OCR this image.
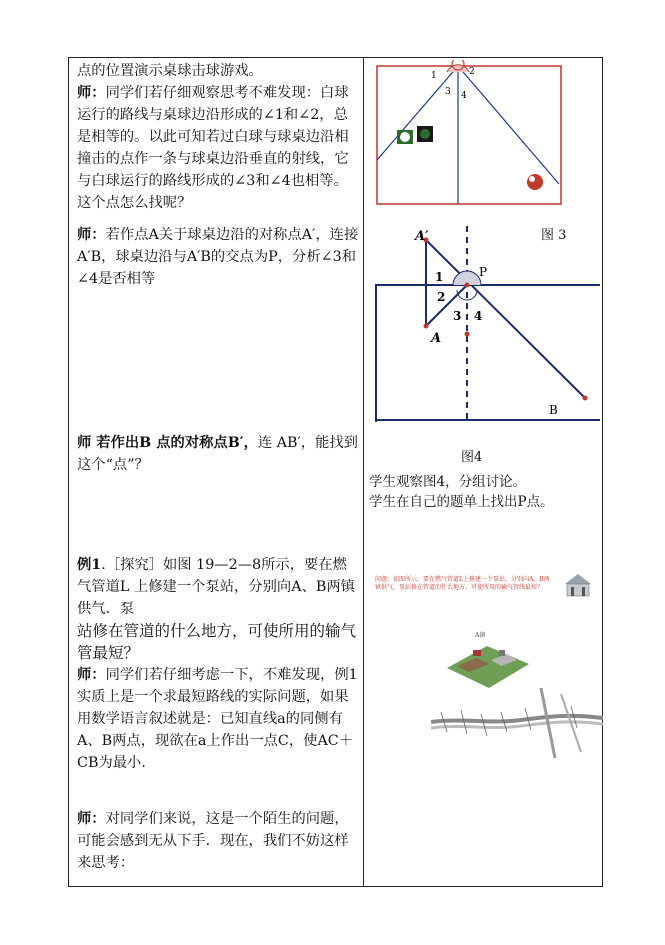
点的位置演示桌球击球游戏。

师：同学们若仔细观察思考不难发现：白球运行的路线与桌球边沿形成的∠1和∠2，总是相等的。以此可知若过白球与球桌边沿相撞击的点作一条与球桌边沿垂直的射线，它与白球运行的路线形成的∠3和∠4也相等。这个点怎么找呢？

师：若作点A关于球桌边沿的对称点A′，连接A′B，球桌边沿与A′B的交点为P，分析∠3和∠4是否相等

师 若作出B 点的对称点B′，连 AB′，能找到这个“点”？

例1.［探究］如图 19—2—8所示，要在燃气管道L 上修建一个泵站，分别向A、B两镇供气．泵

站修在管道的什么地方，可使所用的输气管最短？

师：同学们若仔细考虑一下，不难发现，例1实质上是一个求最短路线的实际问题，如果用数学语言叙述就是：已知直线a的同侧有A、B两点，现欲在a上作出一点C，使AC＋CB为最小．

师：对同学们来说，这是一个陌生的问题，可能会感到无从下手．现在，我们不妨这样来思考：

1	2
3 4
图 3
A′
1
2
3 4
P
A
B
图4

学生观察图4，分组讨论。

学生在自己的题单上找出P点。

问题：如图所示，要在燃气管道L上修建一个泵站，分别向A、B两镇供气，泵站修在管道的什么地方，可使所用的输气管线最短？
A镇
